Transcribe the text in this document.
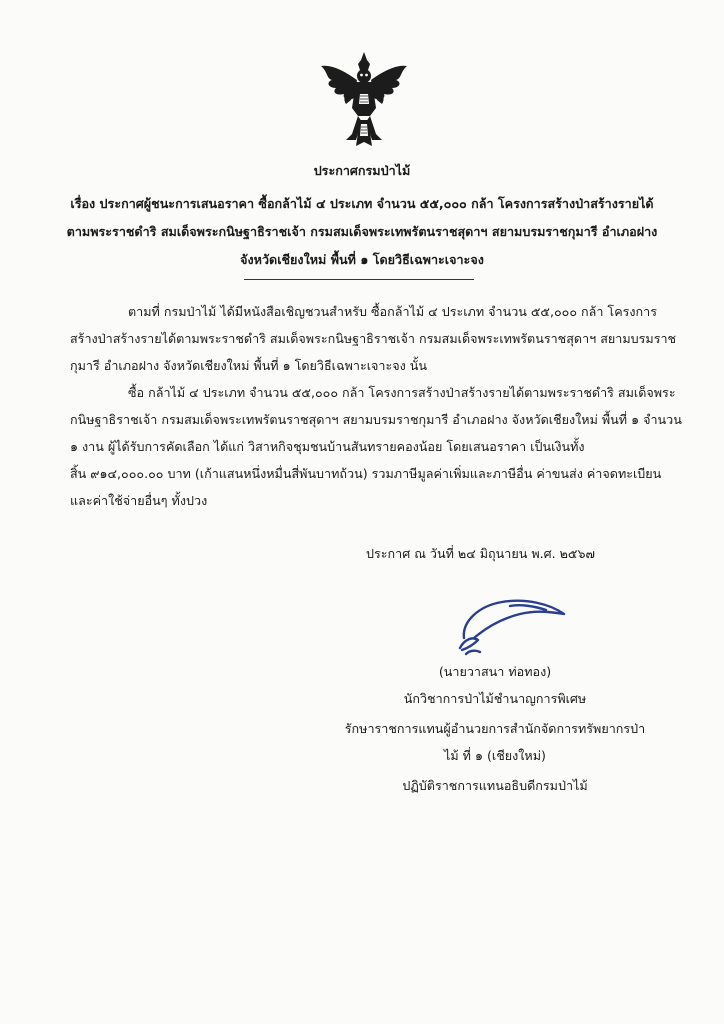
ประกาศกรมป่าไม้
เรื่อง ประกาศผู้ชนะการเสนอราคา ซื้อกล้าไม้ ๔ ประเภท จำนวน ๕๕,๐๐๐ กล้า โครงการสร้างป่าสร้างรายได้
ตามพระราชดำริ สมเด็จพระกนิษฐาธิราชเจ้า กรมสมเด็จพระเทพรัตนราชสุดาฯ สยามบรมราชกุมารี อำเภอฝาง
จังหวัดเชียงใหม่ พื้นที่ ๑ โดยวิธีเฉพาะเจาะจง
ตามที่ กรมป่าไม้ ได้มีหนังสือเชิญชวนสำหรับ ซื้อกล้าไม้ ๔ ประเภท จำนวน ๕๕,๐๐๐ กล้า โครงการ
สร้างป่าสร้างรายได้ตามพระราชดำริ สมเด็จพระกนิษฐาธิราชเจ้า กรมสมเด็จพระเทพรัตนราชสุดาฯ สยามบรมราช
กุมารี อำเภอฝาง จังหวัดเชียงใหม่ พื้นที่ ๑ โดยวิธีเฉพาะเจาะจง นั้น
ซื้อ กล้าไม้ ๔ ประเภท จำนวน ๕๕,๐๐๐ กล้า โครงการสร้างป่าสร้างรายได้ตามพระราชดำริ สมเด็จพระ
กนิษฐาธิราชเจ้า กรมสมเด็จพระเทพรัตนราชสุดาฯ สยามบรมราชกุมารี อำเภอฝาง จังหวัดเชียงใหม่ พื้นที่ ๑ จำนวน
๑ งาน ผู้ได้รับการคัดเลือก ได้แก่ วิสาหกิจชุมชนบ้านสันทรายคองน้อย โดยเสนอราคา เป็นเงินทั้ง
สิ้น ๙๑๔,๐๐๐.๐๐ บาท (เก้าแสนหนึ่งหมื่นสี่พันบาทถ้วน) รวมภาษีมูลค่าเพิ่มและภาษีอื่น ค่าขนส่ง ค่าจดทะเบียน
และค่าใช้จ่ายอื่นๆ ทั้งปวง
ประกาศ ณ วันที่ ๒๔ มิถุนายน พ.ศ. ๒๕๖๗
(นายวาสนา ท่อทอง)
นักวิชาการป่าไม้ชำนาญการพิเศษ
รักษาราชการแทนผู้อำนวยการสำนักจัดการทรัพยากรป่า
ไม้ ที่ ๑ (เชียงใหม่)
ปฏิบัติราชการแทนอธิบดีกรมป่าไม้
